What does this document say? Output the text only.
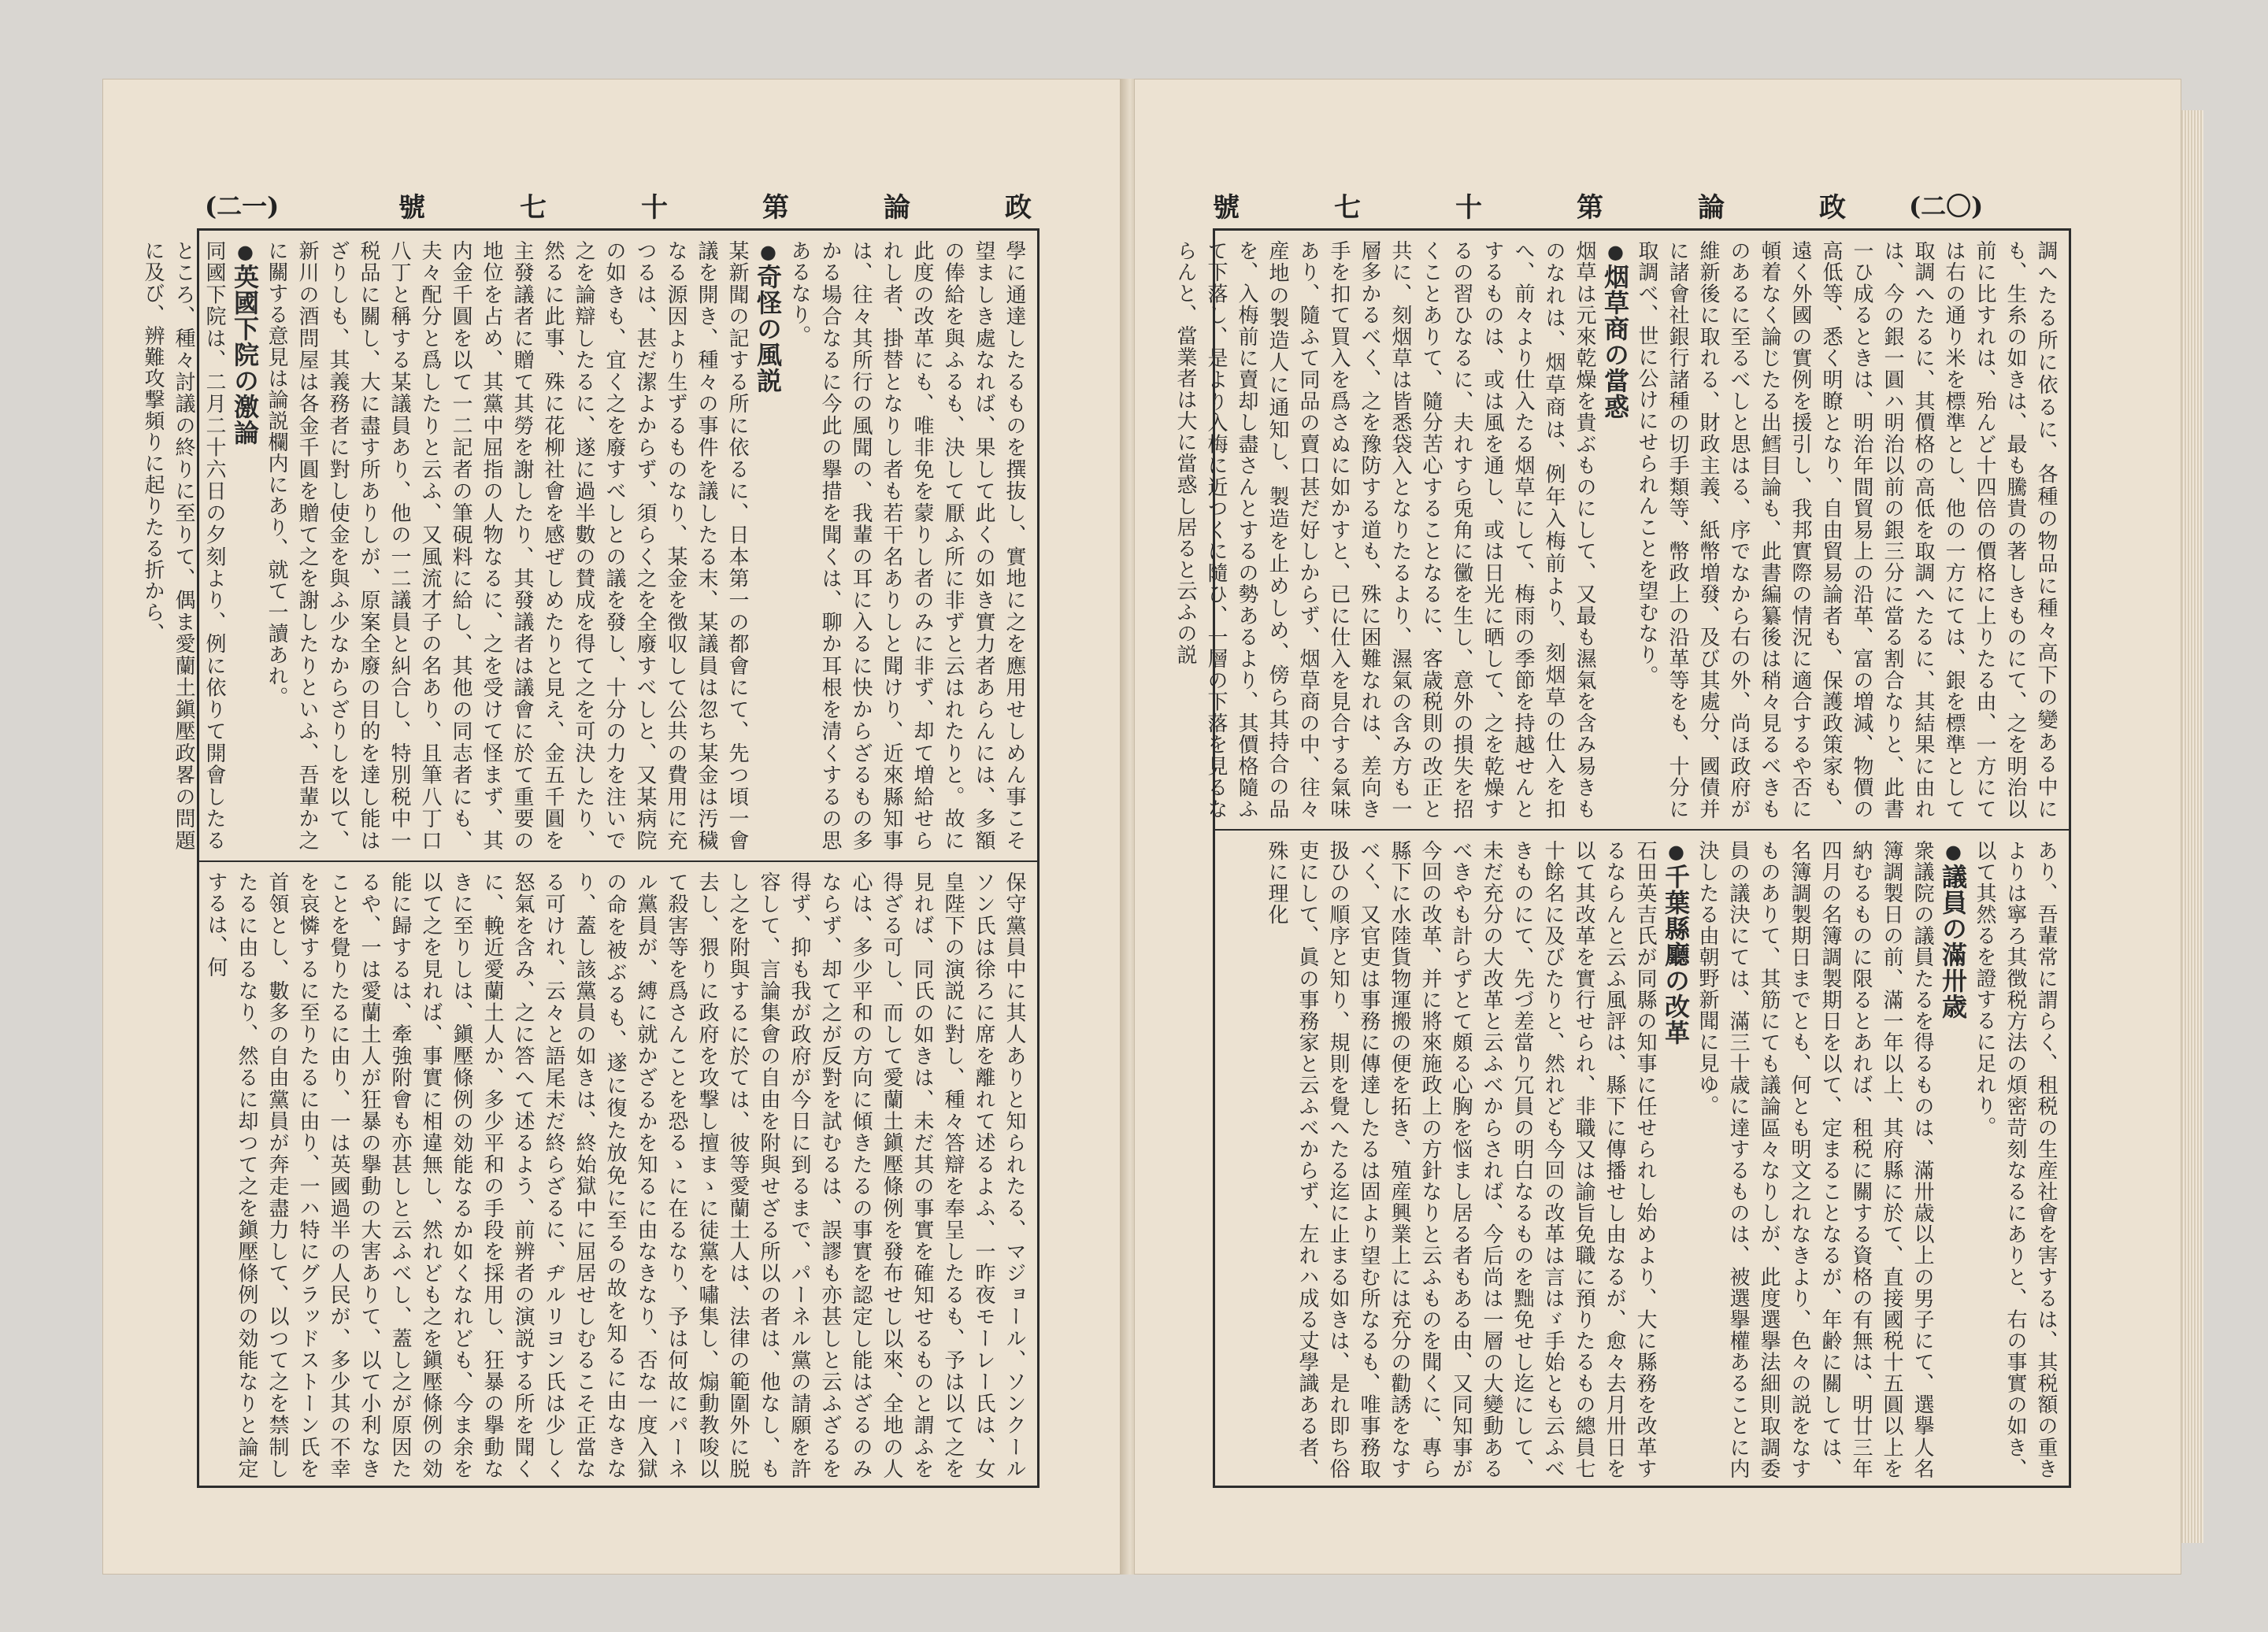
(二一)	號	七	十	第	論	政

學に通達したるものを撰抜し、實地に之を應用せしめん事こそ望ましき處なれば、果して此くの如き實力者あらんには、多額の俸給を與ふるも、決して厭ふ所に非ずと云はれたりと。故に此度の改革にも、唯非免を蒙りし者のみに非ず、却て増給せられし者、掛替となりし者も若干名ありしと聞けり、近來縣知事は、往々其所行の風聞の、我輩の耳に入るに快からざるもの多かる場合なるに今此の擧措を聞くは、聊か耳根を清くするの思あるなり。

● 奇怪の風説

某新聞の記する所に依るに、日本第一の都會にて、先つ頃一會議を開き、種々の事件を議したる末、某議員は忽ち某金は汚穢なる源因より生ずるものなり、某金を徴収して公共の費用に充つるは、甚だ潔よからず、須らく之を全廢すべしと、又某病院の如きも、宜く之を廢すべしとの議を發し、十分の力を注いで之を論辯したるに、遂に過半數の賛成を得て之を可決したり、然るに此事、殊に花柳社會を感ぜしめたりと見え、金五千圓を主發議者に贈て其勞を謝したり、其發議者は議會に於て重要の地位を占め、其黨中屈指の人物なるに、之を受けて怪まず、其内金千圓を以て一二記者の筆硯料に給し、其他の同志者にも、夫々配分と爲したりと云ふ、又風流才子の名あり、且筆八丁口八丁と稱する某議員あり、他の一二議員と糾合し、特別税中一税品に關し、大に盡す所ありしが、原案全廢の目的を達し能はざりしも、其義務者に對し使金を與ふ少なからざりしを以て、新川の酒問屋は各金千圓を贈て之を謝したりといふ、吾輩か之に關する意見は論説欄内にあり、就て一讀あれ。

● 英國下院の激論

同國下院は、二月二十六日の夕刻より、例に依りて開會したるところ、種々討議の終りに至りて、偶ま愛蘭土鎭壓政畧の問題に及び、辨難攻撃頻りに起りたる折から、

保守黨員中に其人ありと知られたる、マジョール、ソンクールソン氏は徐ろに席を離れて述るよふ、一昨夜モーレー氏は、女皇陛下の演説に對し、種々答辯を奉呈したるも、予は以て之を見れば、同氏の如きは、未だ其の事實を確知せるものと謂ふを得ざる可し、而して愛蘭土鎭壓條例を發布せし以來、全地の人心は、多少平和の方向に傾きたるの事實を認定し能はざるのみならず、却て之が反對を試むるは、誤謬も亦甚しと云ふざるを得ず、抑も我が政府が今日に到るまで、パーネル黨の請願を許容して、言論集會の自由を附與せざる所以の者は、他なし、もし之を附與するに於ては、彼等愛蘭土人は、法律の範圍外に脱去し、猥りに政府を攻撃し擅まゝに徒黨を嘯集し、煽動教唆以て殺害等を爲さんことを恐るゝに在るなり、予は何故にパーネル黨員が、縛に就かざるかを知るに由なきなり、否な一度入獄の命を被ぶるも、遂に復た放免に至るの故を知るに由なきなり、蓋し該黨員の如きは、終始獄中に屈居せしむるこそ正當なる可けれ、云々と語尾未だ終らざるに、ヂルリヨン氏は少しく怒氣を含み、之に答へて述るよう、前辨者の演説する所を聞くに、輓近愛蘭土人か、多少平和の手段を採用し、狂暴の擧動なきに至りしは、鎭壓條例の効能なるか如くなれども、今ま余を以て之を見れば、事實に相違無し、然れども之を鎭壓條例の効能に歸するは、牽強附會も亦甚しと云ふべし、蓋し之が原因たるや、一は愛蘭土人が狂暴の擧動の大害ありて、以て小利なきことを覺りたるに由り、一は英國過半の人民が、多少其の不幸を哀憐するに至りたるに由り、一ハ特にグラッドストーン氏を首領とし、數多の自由黨員が奔走盡力して、以つて之を禁制したるに由るなり、然るに却つて之を鎭壓條例の効能なりと論定するは、何

(二〇)
號	七	十	第	論	政

調へたる所に依るに、各種の物品に種々高下の變ある中にも、生糸の如きは、最も騰貴の著しきものにて、之を明治以前に比すれは、殆んど十四倍の價格に上りたる由、一方にては右の通り米を標準とし、他の一方にては、銀を標準として取調へたるに、其價格の高低を取調へたるに、其結果に由れは、今の銀一圓ハ明治以前の銀三分に當る割合なりと、此書一ひ成るときは、明治年間貿易上の沿革、富の増減、物價の高低等、悉く明瞭となり、自由貿易論者も、保護政策家も、遠く外國の實例を援引し、我邦實際の情況に適合するや否に頓着なく論じたる出鱈目論も、此書編纂後は稍々見るべきものあるに至るべしと思はる、序でなから右の外、尚ほ政府が維新後に取れる、財政主義、紙幣増發、及び其處分、國債并に諸會社銀行諸種の切手類等、幣政上の沿革等をも、十分に取調べ、世に公けにせられんことを望むなり。

● 烟草商の當惑

烟草は元來乾燥を貴ぶものにして、又最も濕氣を含み易きものなれは、烟草商は、例年入梅前より、刻烟草の仕入を扣へ、前々より仕入たる烟草にして、梅雨の季節を持越せんとするものは、或は風を通し、或は日光に晒して、之を乾燥するの習ひなるに、夫れすら兎角に黴を生し、意外の損失を招くことありて、隨分苦心することなるに、客歳税則の改正と共に、刻烟草は皆悉袋入となりたるより、濕氣の含み方も一層多かるべく、之を豫防する道も、殊に困難なれは、差向き手を扣て買入を爲さぬに如かすと、已に仕入を見合する氣味あり、隨ふて同品の賣口甚だ好しからず、烟草商の中、往々産地の製造人に通知し、製造を止めしめ、傍ら其持合の品を、入梅前に賣却し盡さんとするの勢あるより、其價格隨ふて下落し、是より入梅に近つくに隨ひ、一層の下落を見るならんと、當業者は大に當惑し居ると云ふの説

あり、吾輩常に謂らく、租税の生産社會を害するは、其税額の重きよりは寧ろ其徴税方法の煩密苛刻なるにありと、右の事實の如き、以て其然るを證するに足れり。

● 議員の滿卅歳

衆議院の議員たるを得るものは、滿卅歳以上の男子にて、選擧人名簿調製日の前、滿一年以上、其府縣に於て、直接國税十五圓以上を納むるものに限るとあれば、租税に關する資格の有無は、明廿三年四月の名簿調製期日を以て、定まることなるが、年齢に關しては、名簿調製期日までとも、何とも明文之れなきより、色々の説をなすものありて、其筋にても議論區々なりしが、此度選擧法細則取調委員の議決にては、滿三十歳に達するものは、被選擧權あることに内決したる由朝野新聞に見ゆ。

● 千葉縣廳の改革

石田英吉氏が同縣の知事に任せられし始めより、大に縣務を改革するならんと云ふ風評は、縣下に傳播せし由なるが、愈々去月卅日を以て其改革を實行せられ、非職又は諭旨免職に預りたるもの總員七十餘名に及びたりと、然れども今回の改革は言はゞ手始とも云ふべきものにて、先づ差當り冗員の明白なるものを黜免せし迄にして、未だ充分の大改革と云ふべからされば、今后尚は一層の大變動あるべきやも計らずとて頗る心胸を悩まし居る者もある由、又同知事が今回の改革、并に將來施政上の方針なりと云ふものを聞くに、專ら縣下に水陸貨物運搬の便を拓き、殖産興業上には充分の勸誘をなすべく、又官吏は事務に傳達したるは固より望む所なるも、唯事務取扱ひの順序と知り、規則を覺へたる迄に止まる如きは、是れ即ち俗吏にして、眞の事務家と云ふべからず、左れハ成る丈學識ある者、殊に理化
